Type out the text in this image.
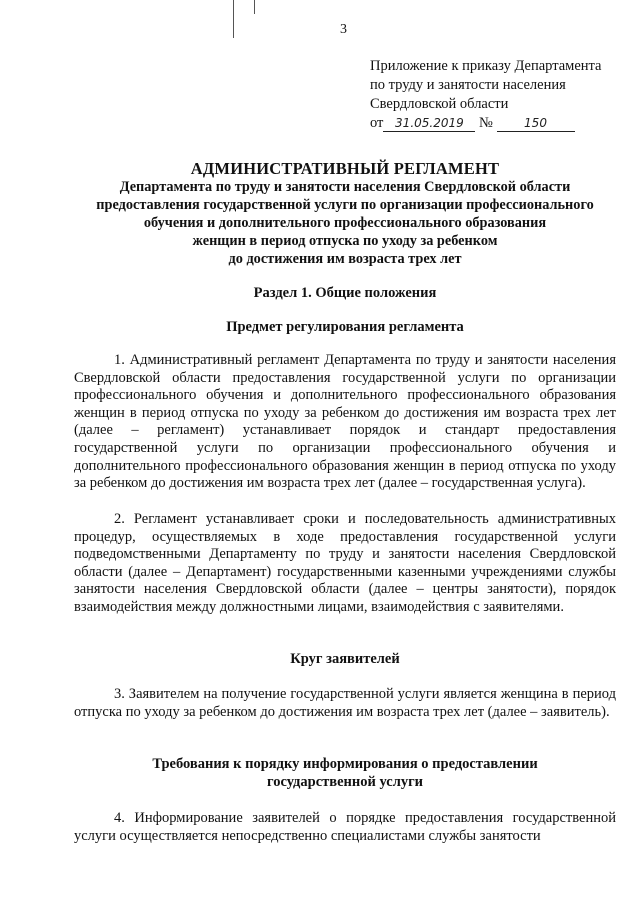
3
Приложение к приказу Департамента
по труду и занятости населения
Свердловской области
от 31.05.2019 №	150
АДМИНИСТРАТИВНЫЙ РЕГЛАМЕНТ
Департамента по труду и занятости населения Свердловской области
предоставления государственной услуги по организации профессионального
обучения и дополнительного профессионального образования
женщин в период отпуска по уходу за ребенком
до достижения им возраста трех лет
Раздел 1. Общие положения
Предмет регулирования регламента
1. Административный регламент Департамента по труду и занятости населения Свердловской области предоставления государственной услуги по организации профессионального обучения и дополнительного профессионального образования женщин в период отпуска по уходу за ребенком до достижения им возраста трех лет (далее – регламент) устанавливает порядок и стандарт предоставления государственной услуги по организации профессионального обучения и дополнительного профессионального образования женщин в период отпуска по уходу за ребенком до достижения им возраста трех лет (далее – государственная услуга).
2. Регламент устанавливает сроки и последовательность административных процедур, осуществляемых в ходе предоставления государственной услуги подведомственными Департаменту по труду и занятости населения Свердловской области (далее – Департамент) государственными казенными учреждениями службы занятости населения Свердловской области (далее – центры занятости), порядок взаимодействия между должностными лицами, взаимодействия с заявителями.
Круг заявителей
3. Заявителем на получение государственной услуги является женщина в период отпуска по уходу за ребенком до достижения им возраста трех лет (далее – заявитель).
Требования к порядку информирования о предоставлении
государственной услуги
4. Информирование заявителей о порядке предоставления государственной услуги осуществляется непосредственно специалистами службы занятости
